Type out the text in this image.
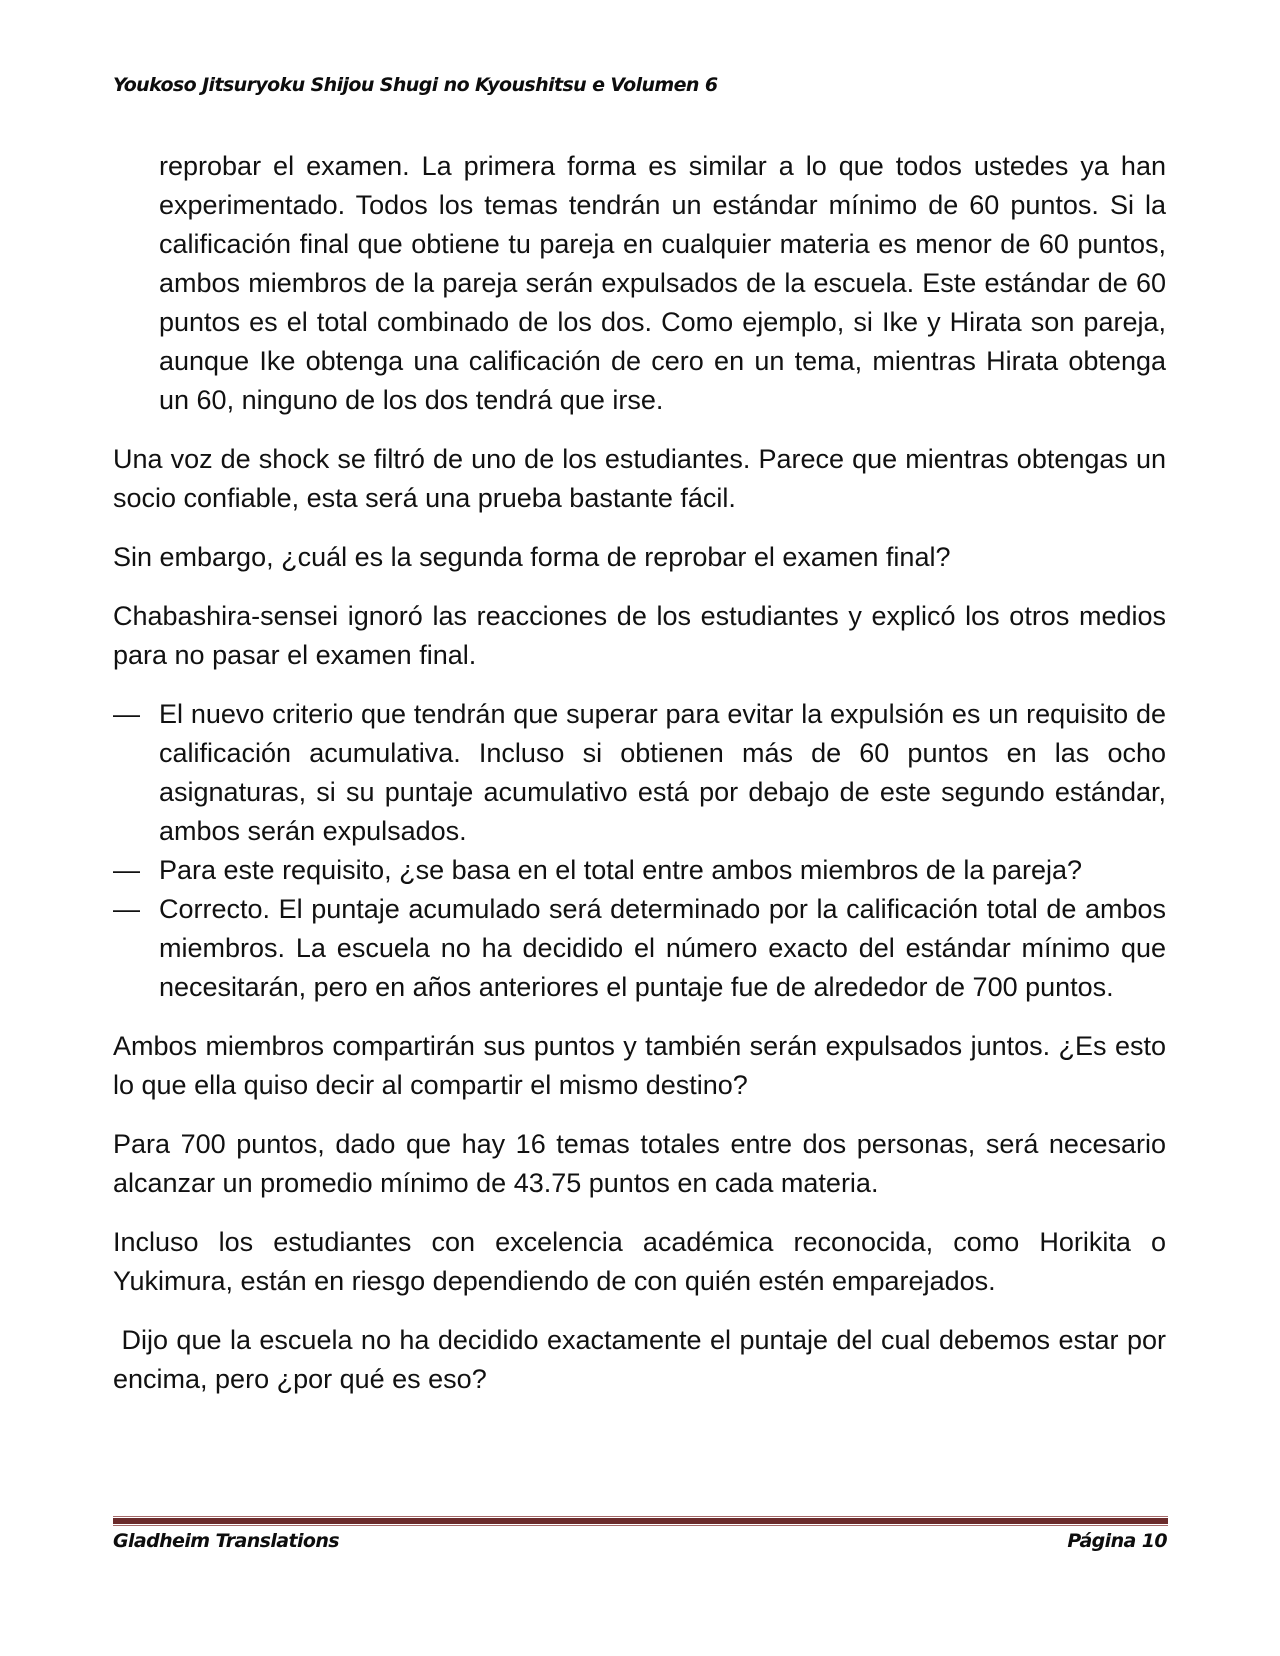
Youkoso Jitsuryoku Shijou Shugi no Kyoushitsu e Volumen 6

reprobar el examen. La primera forma es similar a lo que todos ustedes ya han experimentado. Todos los temas tendrán un estándar mínimo de 60 puntos. Si la calificación final que obtiene tu pareja en cualquier materia es menor de 60 puntos, ambos miembros de la pareja serán expulsados de la escuela. Este estándar de 60 puntos es el total combinado de los dos. Como ejemplo, si Ike y Hirata son pareja, aunque Ike obtenga una calificación de cero en un tema, mientras Hirata obtenga un 60, ninguno de los dos tendrá que irse.

Una voz de shock se filtró de uno de los estudiantes. Parece que mientras obtengas un socio confiable, esta será una prueba bastante fácil.

Sin embargo, ¿cuál es la segunda forma de reprobar el examen final?

Chabashira-sensei ignoró las reacciones de los estudiantes y explicó los otros medios para no pasar el examen final.

— El nuevo criterio que tendrán que superar para evitar la expulsión es un requisito de calificación acumulativa. Incluso si obtienen más de 60 puntos en las ocho asignaturas, si su puntaje acumulativo está por debajo de este segundo estándar, ambos serán expulsados.
— Para este requisito, ¿se basa en el total entre ambos miembros de la pareja?
— Correcto. El puntaje acumulado será determinado por la calificación total de ambos miembros. La escuela no ha decidido el número exacto del estándar mínimo que necesitarán, pero en años anteriores el puntaje fue de alrededor de 700 puntos.

Ambos miembros compartirán sus puntos y también serán expulsados juntos. ¿Es esto lo que ella quiso decir al compartir el mismo destino?

Para 700 puntos, dado que hay 16 temas totales entre dos personas, será necesario alcanzar un promedio mínimo de 43.75 puntos en cada materia.

Incluso los estudiantes con excelencia académica reconocida, como Horikita o Yukimura, están en riesgo dependiendo de con quién estén emparejados.

Dijo que la escuela no ha decidido exactamente el puntaje del cual debemos estar por encima, pero ¿por qué es eso?

Gladheim Translations	Página 10
